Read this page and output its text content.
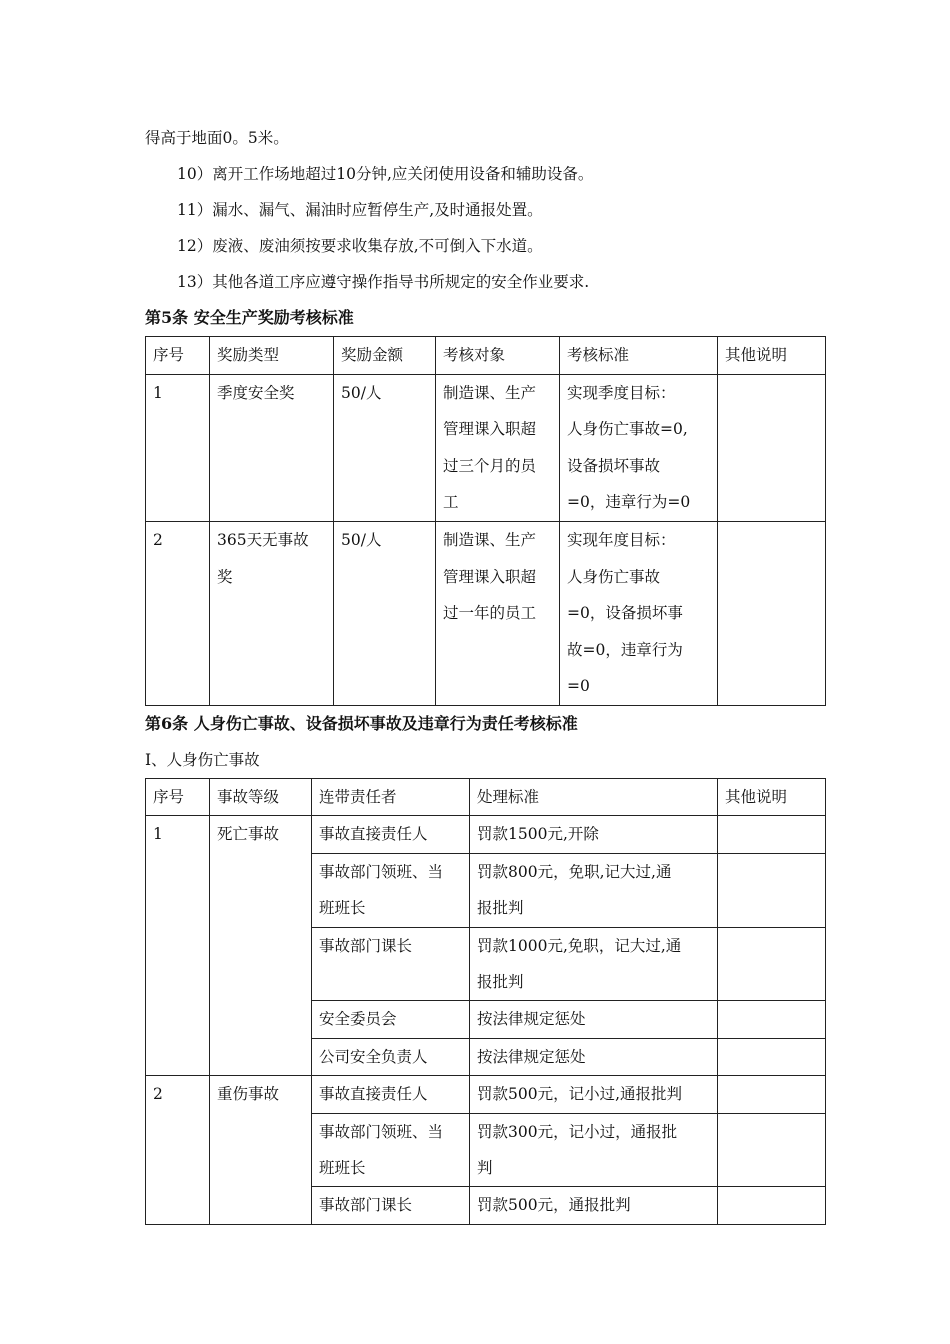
得高于地面0。5米。

10）离开工作场地超过10分钟,应关闭使用设备和辅助设备。

11）漏水、漏气、漏油时应暂停生产,及时通报处置。

12）废液、废油须按要求收集存放,不可倒入下水道。

13）其他各道工序应遵守操作指导书所规定的安全作业要求.

第5条 安全生产奖励考核标准

序号	奖励类型	奖励金额	考核对象	考核标准	其他说明
1	季度安全奖	50/人	制造课、生产
管理课入职超
过三个月的员
工	实现季度目标：
人身伤亡事故=0,
设备损坏事故
=0，违章行为=0	

2	365天无事故
奖	50/人	制造课、生产
管理课入职超
过一年的员工	实现年度目标：
人身伤亡事故
=0，设备损坏事
故=0，违章行为
=0	

第6条 人身伤亡事故、设备损坏事故及违章行为责任考核标准

I、人身伤亡事故

序号	事故等级	连带责任者	处理标准	其他说明
1	死亡事故	事故直接责任人	罚款1500元,开除	

		事故部门领班、当
班班长	罚款800元，免职,记大过,通
报批判	

		事故部门课长	罚款1000元,免职，记大过,通
报批判	

		安全委员会	按法律规定惩处	
		公司安全负责人	按法律规定惩处	
2	重伤事故	事故直接责任人	罚款500元，记小过,通报批判	

		事故部门领班、当
班班长	罚款300元，记小过，通报批
判	

		事故部门课长	罚款500元，通报批判	
